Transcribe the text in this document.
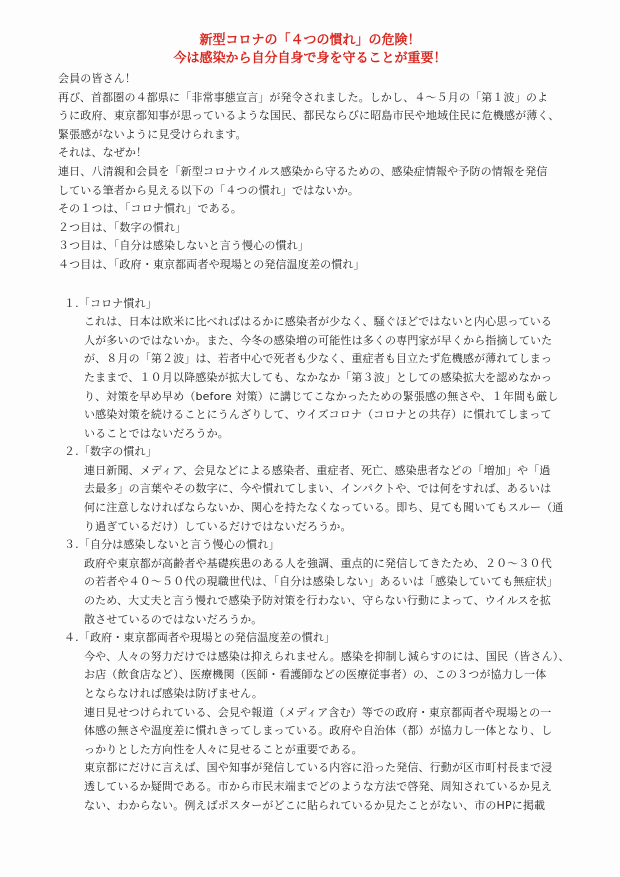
新型コロナの「４つの慣れ」の危険！
今は感染から自分自身で身を守ることが重要！

会員の皆さん！

再び、首都圏の４都県に「非常事態宣言」が発令されました。しかし、４～５月の「第１波」のよ

うに政府、東京都知事が思っているような国民、都民ならびに昭島市民や地域住民に危機感が薄く、

緊張感がないように見受けられます。

それは、なぜか！

連日、八清親和会員を「新型コロナウイルス感染から守るための、感染症情報や予防の情報を発信

している筆者から見える以下の「４つの慣れ」ではないか。

その１つは、「コロナ慣れ」である。

２つ目は、「数字の慣れ」

３つ目は、「自分は感染しないと言う慢心の慣れ」

４つ目は、「政府・東京都両者や現場との発信温度差の慣れ」

１.「コロナ慣れ」

これは、日本は欧米に比べればはるかに感染者が少なく、騒ぐほどではないと内心思っている

人が多いのではないか。また、今冬の感染増の可能性は多くの専門家が早くから指摘していた

が、８月の「第２波」は、若者中心で死者も少なく、重症者も目立たず危機感が薄れてしまっ

たままで、１０月以降感染が拡大しても、なかなか「第３波」としての感染拡大を認めなかっ

り、対策を早め早め（before 対策）に講じてこなかったための緊張感の無さや、１年間も厳し

い感染対策を続けることにうんざりして、ウイズコロナ（コロナとの共存）に慣れてしまって

いることではないだろうか。

２.「数字の慣れ」

連日新聞、メディア、会見などによる感染者、重症者、死亡、感染患者などの「増加」や「過

去最多」の言葉やその数字に、今や慣れてしまい、インパクトや、では何をすれば、あるいは

何に注意しなければならないか、関心を持たなくなっている。即ち、見ても聞いてもスルー（通

り過ぎているだけ）しているだけではないだろうか。

３.「自分は感染しないと言う慢心の慣れ」

政府や東京都が高齢者や基礎疾患のある人を強調、重点的に発信してきたため、２０～３０代

の若者や４０～５０代の現職世代は、「自分は感染しない」あるいは「感染していても無症状」

のため、大丈夫と言う慢れで感染予防対策を行わない、守らない行動によって、ウイルスを拡

散させているのではないだろうか。

４.「政府・東京都両者や現場との発信温度差の慣れ」

今や、人々の努力だけでは感染は抑えられません。感染を抑制し減らすのには、国民（皆さん）、

お店（飲食店など）、医療機関（医師・看護師などの医療従事者）の、この３つが協力し一体

とならなければ感染は防げません。

連日見せつけられている、会見や報道（メディア含む）等での政府・東京都両者や現場との一

体感の無さや温度差に慣れきってしまっている。政府や自治体（都）が協力し一体となり、し

っかりとした方向性を人々に見せることが重要である。

東京都にだけに言えば、国や知事が発信している内容に沿った発信、行動が区市町村長まで浸

透しているか疑問である。市から市民末端までどのような方法で啓発、周知されているか見え

ない、わからない。例えばポスターがどこに貼られているか見たことがない、市のHPに掲載
